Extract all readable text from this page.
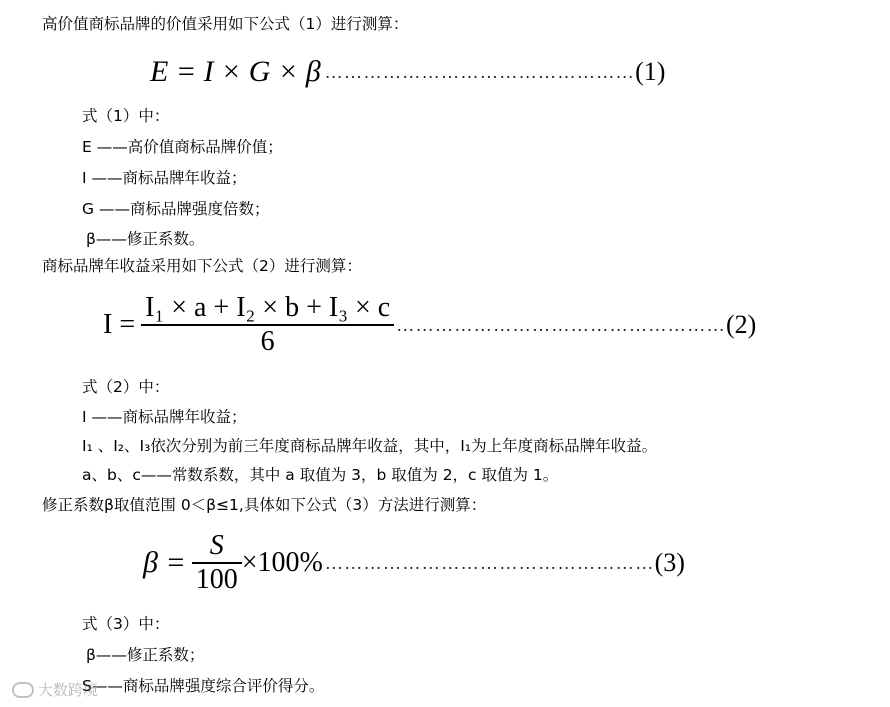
高价值商标品牌的价值采用如下公式（1）进行测算：
E = I × G × β ………………………………………… (1)
式（1）中：
E ——高价值商标品牌价值；
I ——商标品牌年收益；
G ——商标品牌强度倍数；
β——修正系数。
商标品牌年收益采用如下公式（2）进行测算：
$I = \frac{\text{I₁ × a + I₂ × b + I₃ × c}}{6}$ …………………………………………… (2)
式（2）中：
I ——商标品牌年收益；
I₁ 、I₂、I₃依次分别为前三年度商标品牌年收益，其中，I₁为上年度商标品牌年收益。
a、b、c——常数系数，其中 a 取值为 3，b 取值为 2，c 取值为 1。
修正系数β取值范围 0＜β≤1,具体如下公式（3）方法进行测算：
$\beta = \frac{S}{100} \times 100\%$ …………………………………………… (3)
式（3）中：
β——修正系数；
S——商标品牌强度综合评价得分。
大数跨境
